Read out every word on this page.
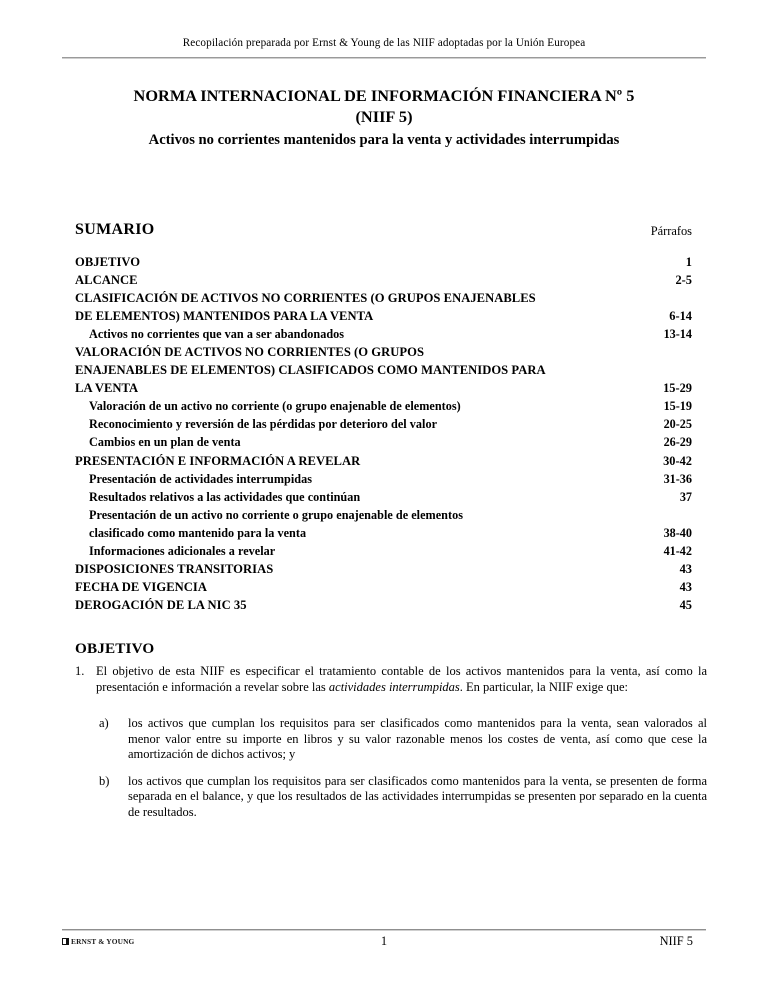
Recopilación preparada por Ernst & Young de las NIIF adoptadas por la Unión Europea
NORMA INTERNACIONAL DE INFORMACIÓN FINANCIERA Nº 5
(NIIF 5)
Activos no corrientes mantenidos para la venta y actividades interrumpidas
SUMARIO	Párrafos
OBJETIVO	1
ALCANCE	2-5
CLASIFICACIÓN DE ACTIVOS NO CORRIENTES (O GRUPOS ENAJENABLES
DE ELEMENTOS) MANTENIDOS PARA LA VENTA	6-14
Activos no corrientes que van a ser abandonados	13-14
VALORACIÓN DE ACTIVOS NO CORRIENTES (O GRUPOS
ENAJENABLES DE ELEMENTOS) CLASIFICADOS COMO MANTENIDOS PARA
LA VENTA	15-29
Valoración de un activo no corriente (o grupo enajenable de elementos)	15-19
Reconocimiento y reversión de las pérdidas por deterioro del valor	20-25
Cambios en un plan de venta	26-29
PRESENTACIÓN E INFORMACIÓN A REVELAR	30-42
Presentación de actividades interrumpidas	31-36
Resultados relativos a las actividades que continúan	37
Presentación de un activo no corriente o grupo enajenable de elementos
clasificado como mantenido para la venta	38-40
Informaciones adicionales a revelar	41-42
DISPOSICIONES TRANSITORIAS	43
FECHA DE VIGENCIA	43
DEROGACIÓN DE LA NIC 35	45
OBJETIVO
1. El objetivo de esta NIIF es especificar el tratamiento contable de los activos mantenidos para la venta, así como la presentación e información a revelar sobre las actividades interrumpidas. En particular, la NIIF exige que:
a) los activos que cumplan los requisitos para ser clasificados como mantenidos para la venta, sean valorados al menor valor entre su importe en libros y su valor razonable menos los costes de venta, así como que cese la amortización de dichos activos; y
b) los activos que cumplan los requisitos para ser clasificados como mantenidos para la venta, se presenten de forma separada en el balance, y que los resultados de las actividades interrumpidas se presenten por separado en la cuenta de resultados.
ERNST & YOUNG	1	NIIF 5
